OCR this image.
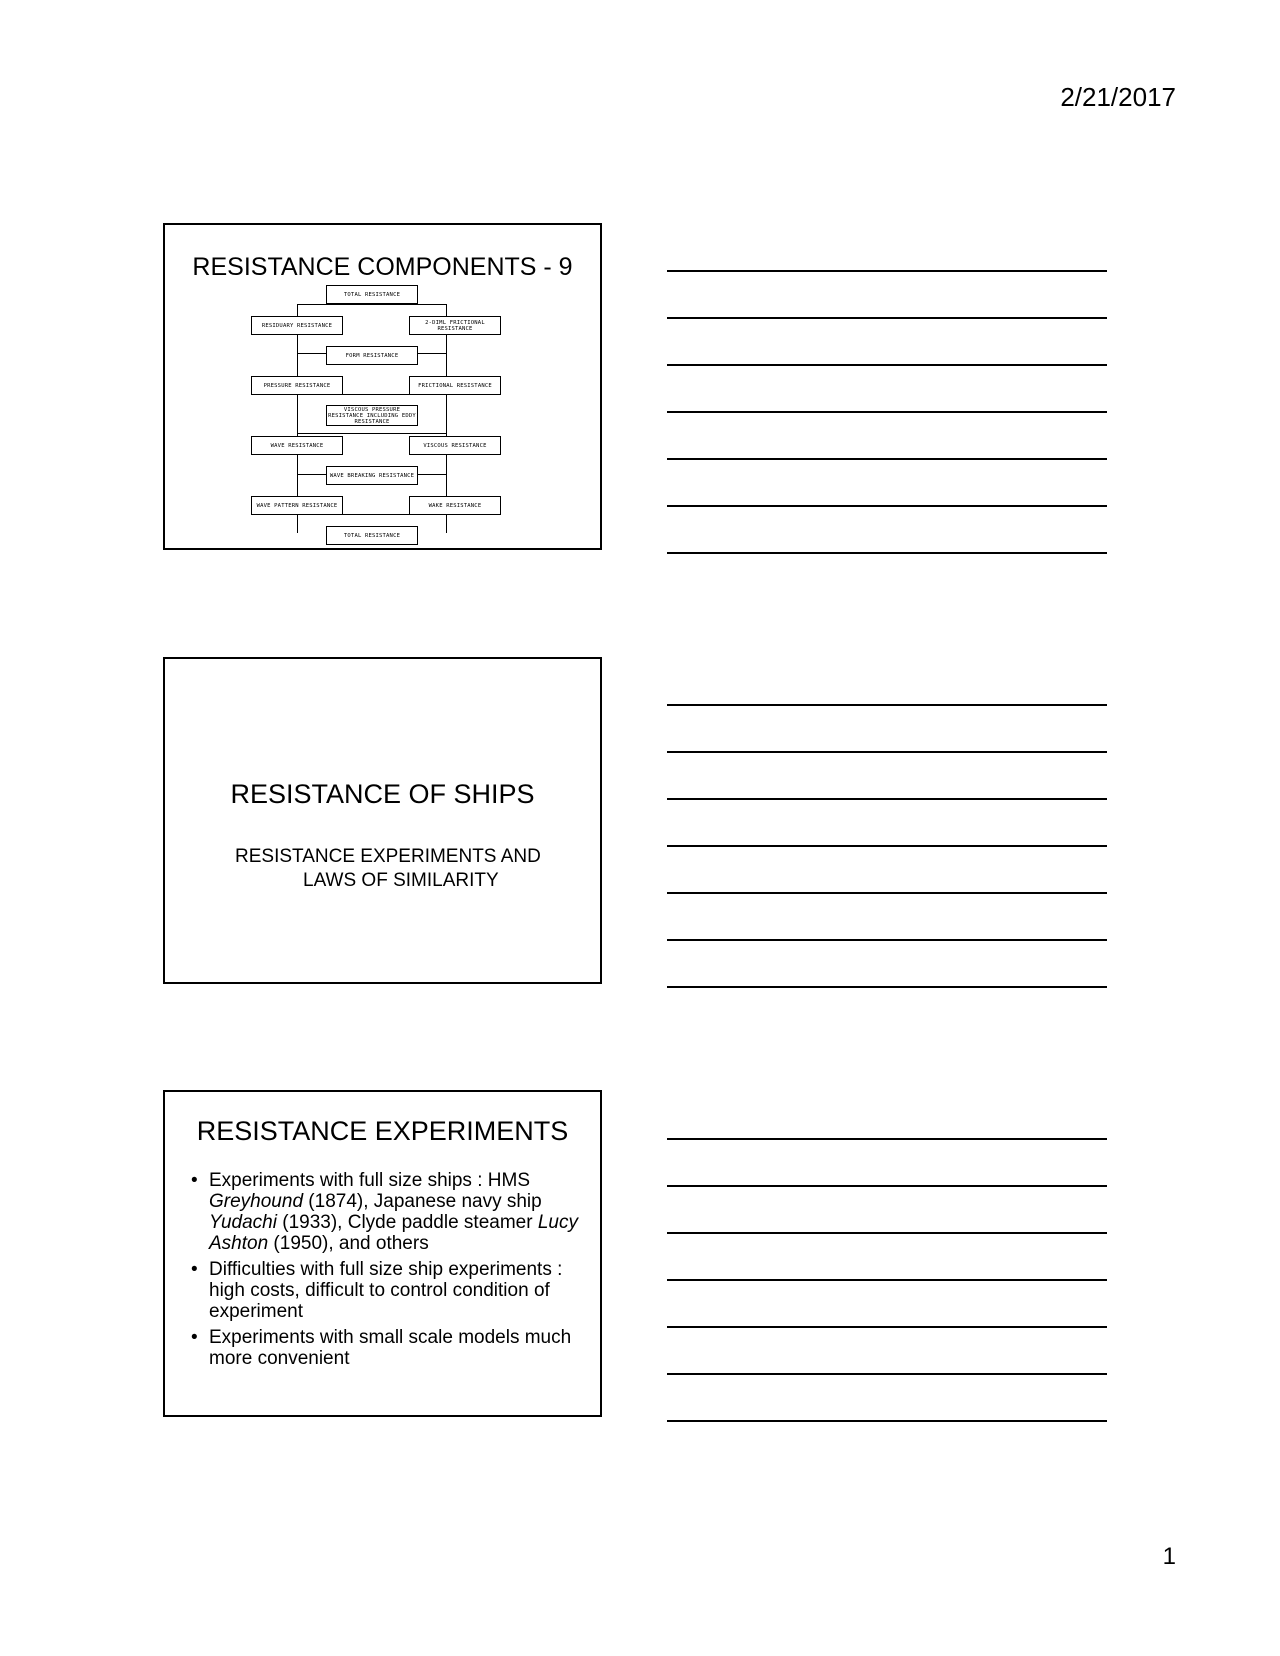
2/21/2017
RESISTANCE COMPONENTS - 9
TOTAL RESISTANCE
RESIDUARY RESISTANCE	2-DIML FRICTIONAL RESISTANCE
FORM RESISTANCE
PRESSURE RESISTANCE	FRICTIONAL RESISTANCE
VISCOUS PRESSURE RESISTANCE INCLUDING EDDY RESISTANCE
WAVE RESISTANCE	VISCOUS RESISTANCE
WAVE BREAKING RESISTANCE
WAVE PATTERN RESISTANCE	WAKE RESISTANCE
TOTAL RESISTANCE
RESISTANCE OF SHIPS
RESISTANCE EXPERIMENTS AND
LAWS OF SIMILARITY
RESISTANCE EXPERIMENTS
• Experiments with full size ships : HMS Greyhound (1874), Japanese navy ship Yudachi (1933), Clyde paddle steamer Lucy Ashton (1950), and others
• Difficulties with full size ship experiments : high costs, difficult to control condition of experiment
• Experiments with small scale models much more convenient
1
